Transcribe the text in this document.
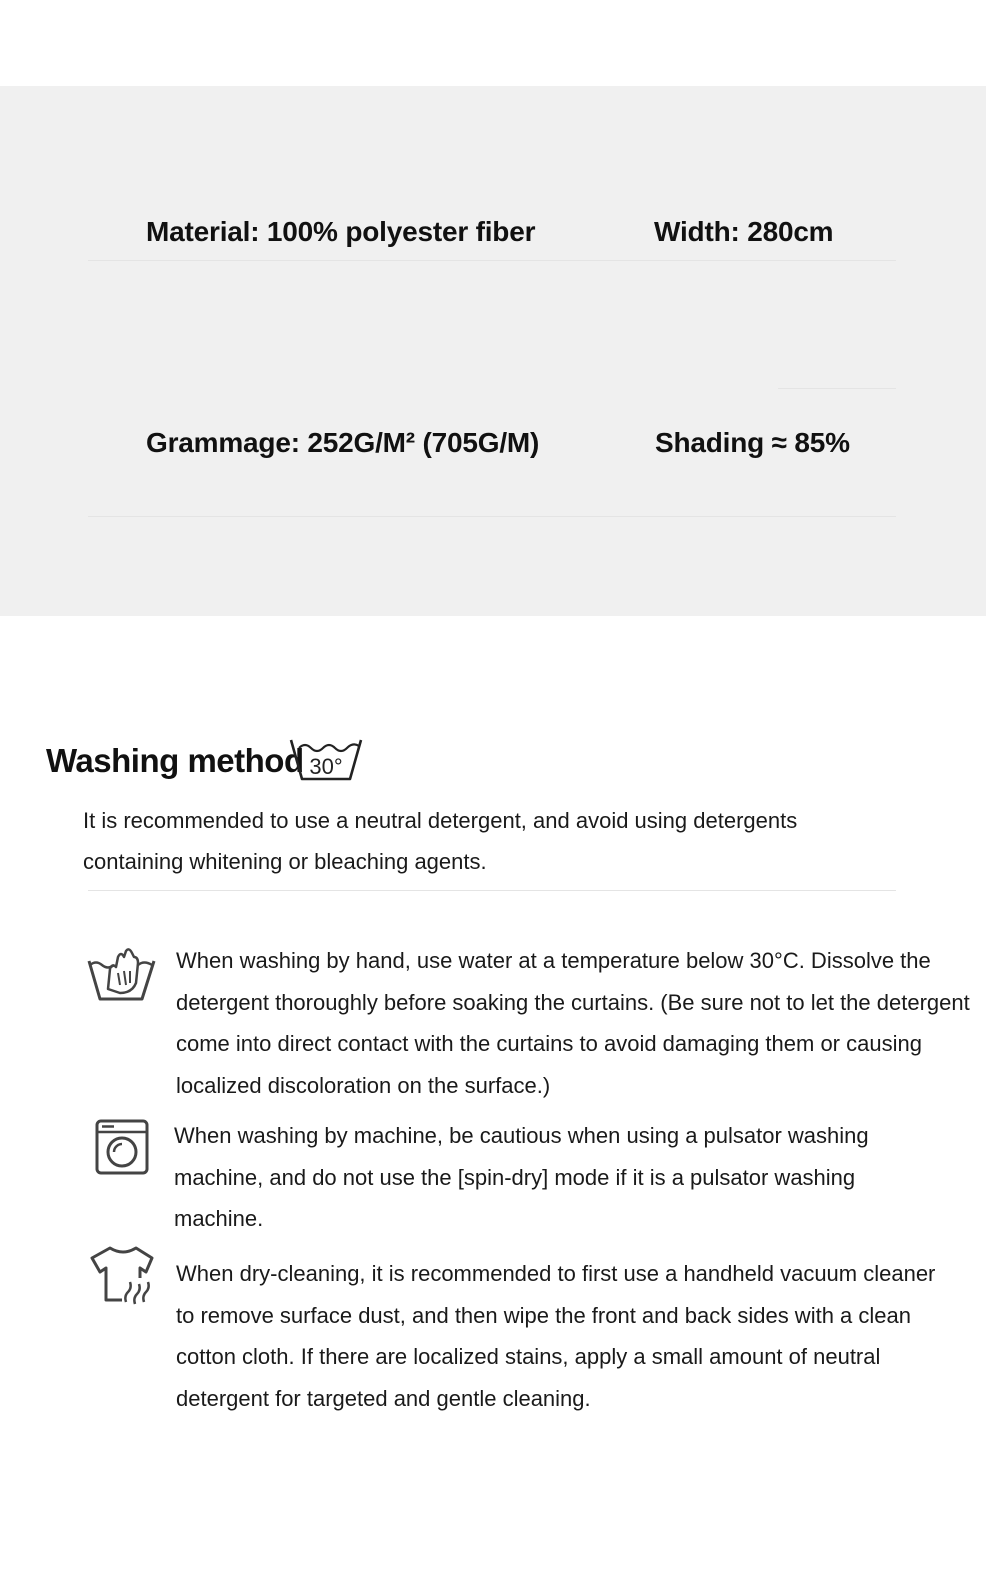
Material: 100% polyester fiber	Width: 280cm
Grammage: 252G/M² (705G/M)	Shading ≈ 85%
Washing method 30°
It is recommended to use a neutral detergent, and avoid using detergents containing whitening or bleaching agents.
When washing by hand, use water at a temperature below 30°C. Dissolve the detergent thoroughly before soaking the curtains. (Be sure not to let the detergent come into direct contact with the curtains to avoid damaging them or causing localized discoloration on the surface.)
When washing by machine, be cautious when using a pulsator washing machine, and do not use the [spin-dry] mode if it is a pulsator washing machine.
When dry-cleaning, it is recommended to first use a handheld vacuum cleaner to remove surface dust, and then wipe the front and back sides with a clean cotton cloth. If there are localized stains, apply a small amount of neutral detergent for targeted and gentle cleaning.
